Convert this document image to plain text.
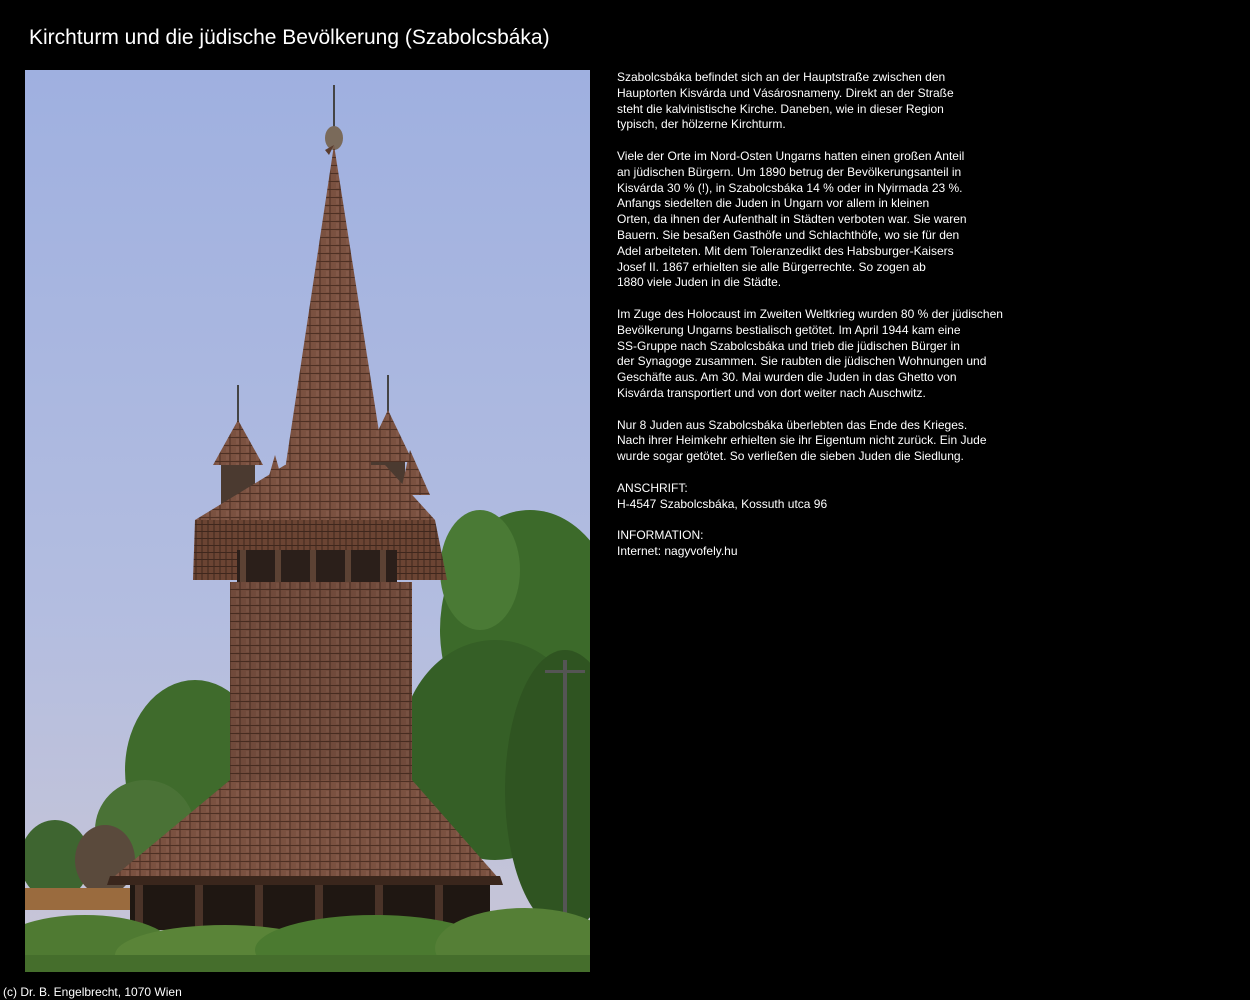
Kirchturm und die jüdische Bevölkerung (Szabolcsbáka)

Szabolcsbáka befindet sich an der Hauptstraße zwischen den
Hauptorten Kisvárda und Vásárosnameny. Direkt an der Straße
steht die kalvinistische Kirche. Daneben, wie in dieser Region
typisch, der hölzerne Kirchturm.

Viele der Orte im Nord-Osten Ungarns hatten einen großen Anteil
an jüdischen Bürgern. Um 1890 betrug der Bevölkerungsanteil in
Kisvárda 30 % (!), in Szabolcsbáka 14 % oder in Nyirmada 23 %.
Anfangs siedelten die Juden in Ungarn vor allem in kleinen
Orten, da ihnen der Aufenthalt in Städten verboten war. Sie waren
Bauern. Sie besaßen Gasthöfe und Schlachthöfe, wo sie für den
Adel arbeiteten. Mit dem Toleranzedikt des Habsburger-Kaisers
Josef II. 1867 erhielten sie alle Bürgerrechte. So zogen ab
1880 viele Juden in die Städte.

Im Zuge des Holocaust im Zweiten Weltkrieg wurden 80 % der jüdischen
Bevölkerung Ungarns bestialisch getötet. Im April 1944 kam eine
SS-Gruppe nach Szabolcsbáka und trieb die jüdischen Bürger in
der Synagoge zusammen. Sie raubten die jüdischen Wohnungen und
Geschäfte aus. Am 30. Mai wurden die Juden in das Ghetto von
Kisvárda transportiert und von dort weiter nach Auschwitz.

Nur 8 Juden aus Szabolcsbáka überlebten das Ende des Krieges.
Nach ihrer Heimkehr erhielten sie ihr Eigentum nicht zurück. Ein Jude
wurde sogar getötet. So verließen die sieben Juden die Siedlung.

ANSCHRIFT:
H-4547 Szabolcsbáka, Kossuth utca 96
INFORMATION:
Internet: nagyvofely.hu
(c) Dr. B. Engelbrecht, 1070 Wien
